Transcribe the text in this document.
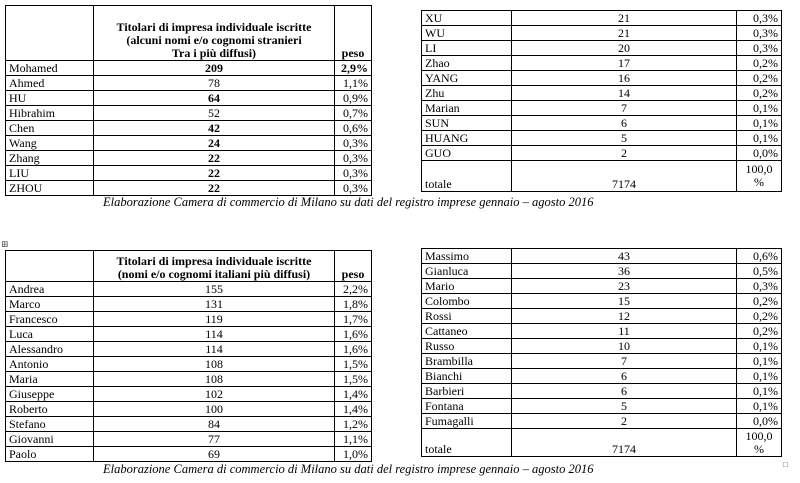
	Titolari di impresa individuale iscritte
(alcuni nomi e/o cognomi stranieri
Tra i più diffusi)	peso
Mohamed	209	2,9%
Ahmed	78	1,1%
HU	64	0,9%
Hibrahim	52	0,7%
Chen	42	0,6%
Wang	24	0,3%
Zhang	22	0,3%
LIU	22	0,3%
ZHOU	22	0,3%
XU	21	0,3%
WU	21	0,3%
LI	20	0,3%
Zhao	17	0,2%
YANG	16	0,2%
Zhu	14	0,2%
Marian	7	0,1%
SUN	6	0,1%
HUANG	5	0,1%
GUO	2	0,0%
totale	7174	100,0
%
Elaborazione Camera di commercio di Milano su dati del registro imprese gennaio – agosto 2016
⊞

	Titolari di impresa individuale iscritte
(nomi e/o cognomi italiani più diffusi)	peso
Andrea	155	2,2%
Marco	131	1,8%
Francesco	119	1,7%
Luca	114	1,6%
Alessandro	114	1,6%
Antonio	108	1,5%
Maria	108	1,5%
Giuseppe	102	1,4%
Roberto	100	1,4%
Stefano	84	1,2%
Giovanni	77	1,1%
Paolo	69	1,0%
Massimo	43	0,6%
Gianluca	36	0,5%
Mario	23	0,3%
Colombo	15	0,2%
Rossi	12	0,2%
Cattaneo	11	0,2%
Russo	10	0,1%
Brambilla	7	0,1%
Bianchi	6	0,1%
Barbieri	6	0,1%
Fontana	5	0,1%
Fumagalli	2	0,0%
totale	7174	100,0
%
Elaborazione Camera di commercio di Milano su dati del registro imprese gennaio – agosto 2016	□
